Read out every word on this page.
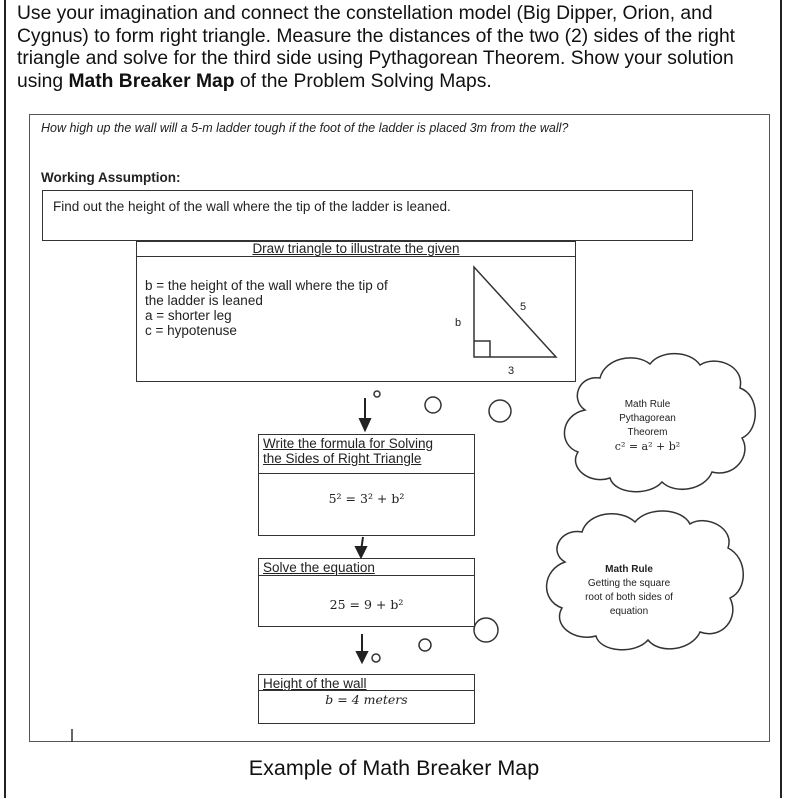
Use your imagination and connect the constellation model (Big Dipper, Orion, and Cygnus) to form right triangle. Measure the distances of the two (2) sides of the right triangle and solve for the third side using Pythagorean Theorem. Show your solution using Math Breaker Map of the Problem Solving Maps.
How high up the wall will a 5-m ladder tough if the foot of the ladder is placed 3m from the wall?
Working Assumption:
Find out the height of the wall where the tip of the ladder is leaned.
Draw triangle to illustrate the given
b = the height of the wall where the tip of
the ladder is leaned
a = shorter leg
c = hypotenuse
Write the formula for Solving
the Sides of Right Triangle
5² = 3² + b²
Solve the equation
25 = 9 + b²
Height of the wall
b = 4 meters
b
5
3
Math Rule
Pythagorean
Theorem
c² = a² + b²
Math Rule
Getting the square
root of both sides of
equation
Example of Math Breaker Map
